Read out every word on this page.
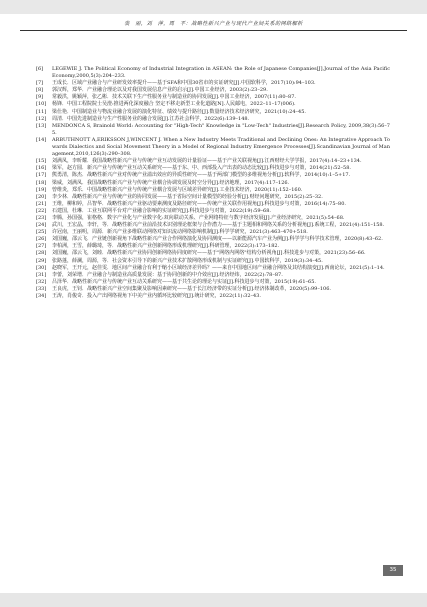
裘　丽，刘　萍，周　平：战略性新兴产业与现代产业间关系的网络解析
[6] LEGEWIE J. The Political Economy of Industrial Integration in ASEAN: the Role of Japanese Companies[J].Journal of the Asia Pacific Economy,2000,5(3):204–233.
[7] 王成长．区域产业融合与产业研发效率提升——基于SFA和中国30省市的实证研究[J].中国软科学，2017(10):94–103.
[8] 郭汉辉，郑华．产业融合理论以及对我国发展信息产业的启示[J].中国工业经济，2003(2):23–29.
[9] 常毅洪，姚颖萍，张乙彬．技术关联下生产性服务业与制造业的协同发展[J].中国工业经济，2007(11):80–87.
[10] 杨锋．中国工程院院士吴澄:推进两化深度融合 坚定不移走新型工业化道路[N].人民邮电，2022–11–17(006).
[11] 梁仕艳．中国制造业与物流业融合发展的演化特征、绩效与提升路径[J].数量经济技术经济研究，2021(10):24–45.
[12] 周清．中国先进制造业与生产性服务业的融合发展[J].江苏社会科学，2022(6):139–148.
[13] MENDONCA S, Brainold World: Accounting for "High-Tech" Knowledge in "Low-Tech" Industries[J].Research Policy, 2009,38(3):56–75.
[14] ARBUTHNOTT A,ERIKSSON J,WINCENT J. When a New Industry Meets Traditional and Declining Ones: An Integrative Approach Towards Dialectics and Social Movement Theory in a Model of Regional Industry Emergence Processes[J].Scandinavian Journal of Management,2010,126(3):290–308.
[15] 刘满凤，李昕耀．我国战略性新兴产业与传统产业互动发展的计量验证——基于产业关联视角[J].江西财经大学学报，2017(4):14–23+134.
[16] 梁军，赵方圆．新兴产业与传统产业互动关系研究——基于东、中、西部投入产出表的动态比较[J].科技进步与对策，2014(21):52–58.
[17] 熊勇清，陈杰．战略性新兴产业对传统产业溢出效应的异质性研究——基于两部门模型的多维视角分析[J].软科学，2014(10):1–5+17.
[18] 梁威，刘满凤．我国战略性新兴产业与传统产业耦合协调发展及时空分异[J].经济地理，2017(4):117–126.
[19] 曾维炎，郑乐．中国战略性新兴产业与传统产业耦合发展与区域差异研究[J].工业技术经济，2020(11):152–160.
[20] 李少林．战略性新兴产业与传统产业的协同发展——基于省际空间计量模型的经验分析[J].财经问题研究，2015(2):25–32.
[21] 王维，柳和婷，吕智华．战略性新兴产业驱动要素测度及路径研究——传统产业关联作用视角[J].科技进步与对策，2016(14):75–80.
[22] 石建国，杜琳．工业互联网平台对产业融合影响的实证研究[J].科技进步与对策，2022(19):59–68.
[23] 李腾，孙国强，崔格格．数字产业化与产业数字化:双向联动关系、产业网络特征与数字经济发展[J].产业经济研究，2021(5):54–68.
[24] 武川，王宏晶，李轩，等．战略性新兴产业前沿技术识别理论框架与合作潜力——基于主题相和网络关系的分析视角[J].系统工程，2021(4):151–158.
[25] 许冠南，王丽明，周源．新兴产业多维联动网络对知识流动网络影响机制[J].科学学研究，2021(3):463–470+518.
[26] 刘国巍，邵云飞．产业链创新视角下战略性新兴产业合作网络演化及协同测度——以新能源汽车产业为例[J].科学学与科学技术管理，2020(8):43–62.
[27] 李柏洲，王雪，薛璐琦，等．战略性新兴产业创新网络形成机理研究[J].科研管理，2022(3):173–182.
[28] 刘国巍，邵云飞，刘睦．战略性新兴产业协同创新网络协同度研究——基于"网络内网络"结构分析视角[J].科技进步与对策，2021(23):56–66.
[29] 张路蓬，薛澜，周源，等．社会资本引导下的新兴产业技术扩散网络形成机制与实证研究[J].中国软科学，2019(3):34–45.
[30] 赵晓军，王开元，赵佳雯．地区间产业融合有利于缩小区域经济差异吗？——来自中国地区间产业融合网络及其结构演变[J].西南论坛，2021(5):1–14.
[31] 李蕾，刘荣增．产业融合与制造业高质量发展：基于协同创新的中介效应[J].经济经纬，2022(2):78–87.
[32] 吕泽华．战略性新兴产业与传统产业互动关系研究——基于共生论的理论与实证[J].科技进步与对策，2015(19):61–65.
[33] 王良虎，王钊．战略性新兴产业空间集聚及影响因素研究——基于长江经济带的实证分析[J].经济体制改革，2020(5):99–106.
[34] 王涛，肖俊奇．投入产出网络视角下中美产业内循环比较研究[J].统计研究，2022(11):32–43.
35
